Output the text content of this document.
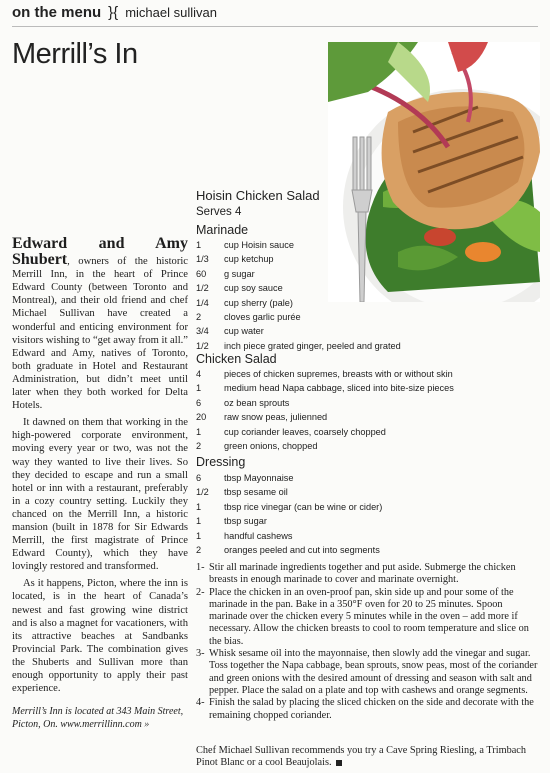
on the menu }{ michael sullivan
Merrill’s In

Edward and Amy Shubert, owners of the historic Merrill Inn, in the heart of Prince Edward County (between Toronto and Montreal), and their old friend and chef Michael Sullivan have created a wonderful and enticing environment for visitors wishing to “get away from it all.” Edward and Amy, natives of Toronto, both graduate in Hotel and Restaurant Administration, but didn’t meet until later when they both worked for Delta Hotels.

It dawned on them that working in the high-powered corporate environment, moving every year or two, was not the way they wanted to live their lives. So they decided to escape and run a small hotel or inn with a restaurant, preferably in a cozy country setting. Luckily they chanced on the Merrill Inn, a historic mansion (built in 1878 for Sir Edwards Merrill, the first magistrate of Prince Edward County), which they have lovingly restored and transformed.

As it happens, Picton, where the inn is located, is in the heart of Canada’s newest and fast growing wine district and is also a magnet for vacationers, with its attractive beaches at Sandbanks Provincial Park. The combination gives the Shuberts and Sullivan more than enough opportunity to apply their past experience.

Merrill’s Inn is located at 343 Main Street, Picton, On. www.merrillinn.com »
Hoisin Chicken Salad
Serves 4
Marinade
1	cup Hoisin sauce
1/3	cup ketchup
60	g sugar
1/2	cup soy sauce
1/4	cup sherry (pale)
2	cloves garlic purée
3/4	cup water
1/2	inch piece grated ginger, peeled and grated
Chicken Salad
4	pieces of chicken supremes, breasts with or without skin
1	medium head Napa cabbage, sliced into bite-size pieces
6	oz bean sprouts
20	raw snow peas, julienned
1	cup coriander leaves, coarsely chopped
2	green onions, chopped
Dressing
6	tbsp Mayonnaise
1/2	tbsp sesame oil
1	tbsp rice vinegar (can be wine or cider)
1	tbsp sugar
1	handful cashews
2	oranges peeled and cut into segments
1- Stir all marinade ingredients together and put aside. Submerge the chicken breasts in enough marinade to cover and marinate overnight.
2- Place the chicken in an oven-proof pan, skin side up and pour some of the marinade in the pan. Bake in a 350°F oven for 20 to 25 minutes. Spoon marinade over the chicken every 5 minutes while in the oven – add more if necessary. Allow the chicken breasts to cool to room temperature and slice on the bias.
3- Whisk sesame oil into the mayonnaise, then slowly add the vinegar and sugar. Toss together the Napa cabbage, bean sprouts, snow peas, most of the coriander and green onions with the desired amount of dressing and season with salt and pepper. Place the salad on a plate and top with cashews and orange segments.
4- Finish the salad by placing the sliced chicken on the side and decorate with the remaining chopped coriander.

Chef Michael Sullivan recommends you try a Cave Spring Riesling, a Trimbach Pinot Blanc or a cool Beaujolais.
